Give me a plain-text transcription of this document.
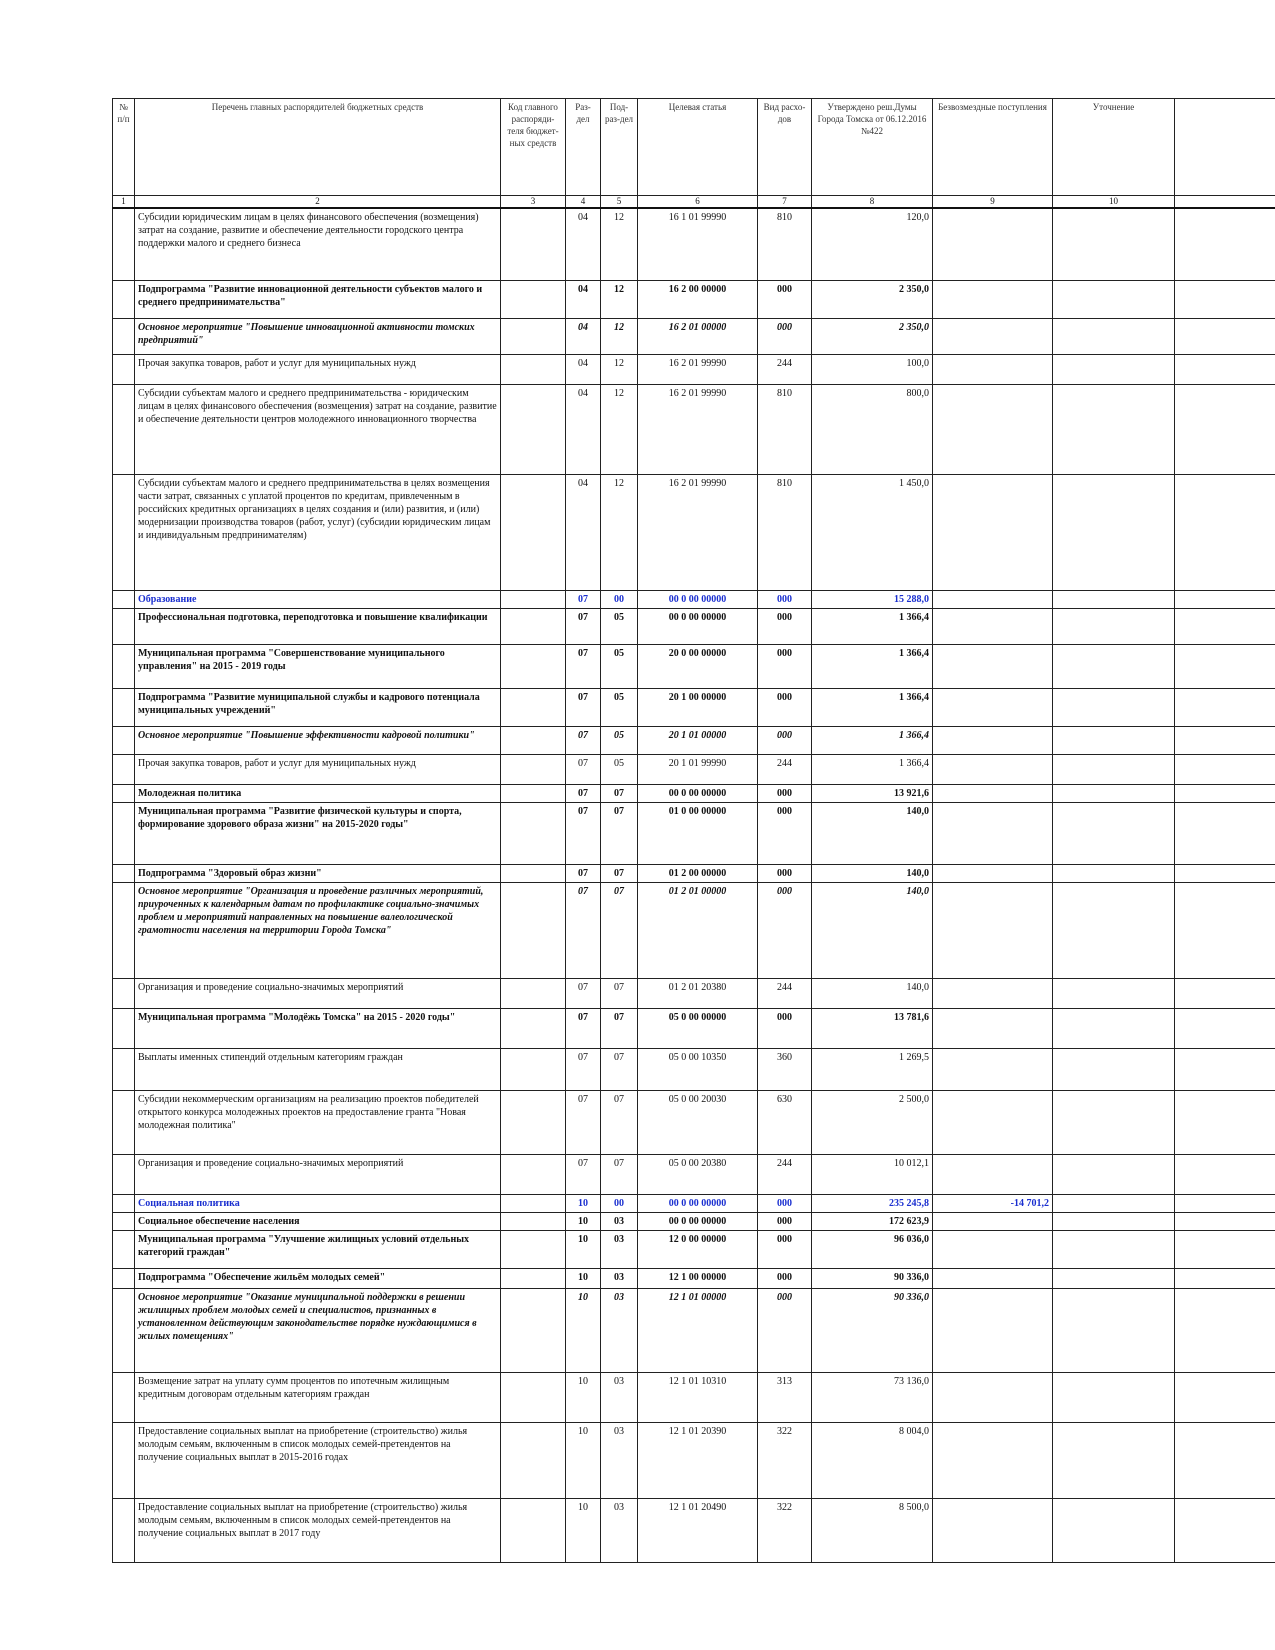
№ п/п	Перечень главных распорядителей бюджетных средств	Код главного распоряди-теля бюджет-ных средств	Раз-дел	Под-раз-дел	Целевая статья	Вид расхо-дов	Утверждено реш.Думы Города Томска от 06.12.2016 №422	Безвозмездные поступления	Уточнение	
1	2	3	4	5	6	7	8	9	10	
	Субсидии юридическим лицам в целях финансового обеспечения (возмещения) затрат на создание, развитие и обеспечение деятельности городского центра поддержки малого и среднего бизнеса		04	12	16 1 01 99990	810	120,0			
	Подпрограмма "Развитие инновационной деятельности субъектов малого и среднего предпринимательства"		04	12	16 2 00 00000	000	2 350,0			
	Основное мероприятие "Повышение инновационной активности томских предприятий"		04	12	16 2 01 00000	000	2 350,0			
	Прочая закупка товаров, работ и услуг для муниципальных нужд		04	12	16 2 01 99990	244	100,0			
	Субсидии субъектам малого и среднего предпринимательства - юридическим лицам в целях финансового обеспечения (возмещения) затрат на создание, развитие и обеспечение деятельности центров молодежного инновационного творчества		04	12	16 2 01 99990	810	800,0			
	Субсидии субъектам малого и среднего предпринимательства в целях возмещения части затрат, связанных с уплатой процентов по кредитам, привлеченным в российских кредитных организациях в целях создания и (или) развития, и (или) модернизации производства товаров (работ, услуг) (субсидии юридическим лицам и индивидуальным предпринимателям)		04	12	16 2 01 99990	810	1 450,0			
	Образование		07	00	00 0 00 00000	000	15 288,0			
	Профессиональная подготовка, переподготовка и повышение квалификации		07	05	00 0 00 00000	000	1 366,4			
	Муниципальная программа "Совершенствование муниципального управления" на 2015 - 2019 годы		07	05	20 0 00 00000	000	1 366,4			
	Подпрограмма "Развитие муниципальной службы и кадрового потенциала муниципальных учреждений"		07	05	20 1 00 00000	000	1 366,4			
	Основное мероприятие "Повышение эффективности кадровой политики"		07	05	20 1 01 00000	000	1 366,4			
	Прочая закупка товаров, работ и услуг для муниципальных нужд		07	05	20 1 01 99990	244	1 366,4			
	Молодежная политика		07	07	00 0 00 00000	000	13 921,6			
	Муниципальная программа "Развитие физической культуры и спорта, формирование здорового образа жизни" на 2015-2020 годы"		07	07	01 0 00 00000	000	140,0			
	Подпрограмма "Здоровый образ жизни"		07	07	01 2 00 00000	000	140,0			
	Основное мероприятие "Организация и проведение различных мероприятий, приуроченных к календарным датам по профилактике социально-значимых проблем и мероприятий направленных на повышение валеологической грамотности населения на территории Города Томска"		07	07	01 2 01 00000	000	140,0			
	Организация и проведение социально-значимых мероприятий		07	07	01 2 01 20380	244	140,0			
	Муниципальная программа "Молодёжь Томска" на 2015 - 2020 годы"		07	07	05 0 00 00000	000	13 781,6			
	Выплаты именных стипендий отдельным категориям граждан		07	07	05 0 00 10350	360	1 269,5			
	Субсидии некоммерческим организациям на реализацию проектов победителей открытого конкурса молодежных проектов на предоставление гранта "Новая молодежная политика"		07	07	05 0 00 20030	630	2 500,0			
	Организация и проведение социально-значимых мероприятий		07	07	05 0 00 20380	244	10 012,1			
	Социальная политика		10	00	00 0 00 00000	000	235 245,8	-14 701,2		
	Социальное обеспечение населения		10	03	00 0 00 00000	000	172 623,9			
	Муниципальная программа "Улучшение жилищных условий отдельных категорий граждан"		10	03	12 0 00 00000	000	96 036,0			
	Подпрограмма "Обеспечение жильём молодых семей"		10	03	12 1 00 00000	000	90 336,0			
	Основное мероприятие "Оказание муниципальной поддержки в решении жилищных проблем молодых семей и специалистов, признанных в установленном действующим законодательстве порядке нуждающимися в жилых помещениях"		10	03	12 1 01 00000	000	90 336,0			
	Возмещение затрат на уплату сумм процентов по ипотечным жилищным кредитным договорам отдельным категориям граждан		10	03	12 1 01 10310	313	73 136,0			
	Предоставление социальных выплат на приобретение (строительство) жилья молодым семьям, включенным в список молодых семей-претендентов на получение социальных выплат в 2015-2016 годах		10	03	12 1 01 20390	322	8 004,0			
	Предоставление социальных выплат на приобретение (строительство) жилья молодым семьям, включенным в список молодых семей-претендентов на получение социальных выплат в 2017 году		10	03	12 1 01 20490	322	8 500,0			
